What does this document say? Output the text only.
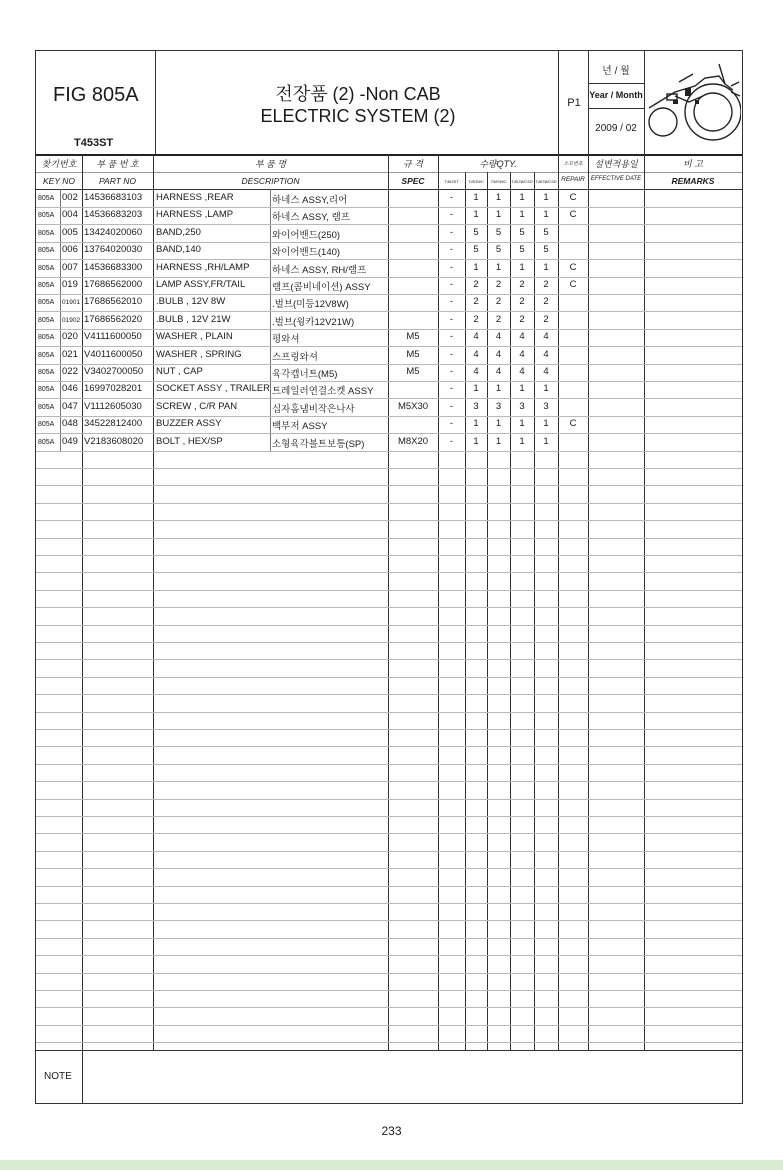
FIG 805A
T453ST
전장품 (2) -Non CAB
ELECTRIC SYSTEM (2)
P1
년 / 월
Year / Month
2009 / 02
찾기번호
KEY NO
부 품 번 호
PART NO
부 품 명
DESCRIPTION
규 격
SPEC
수량QTY.
T453ST	T453WC	T483WC	T453WCSD T483WCSD
소모번호
REPAIR
설변적용일
EFFECTIVE DATE
비 고
REMARKS
805A 002 14536683103	HARNESS ,REAR	하네스 ASSY,리어	-	1	1	1	1	C
805A 004 14536683203	HARNESS ,LAMP	하네스 ASSY, 램프	-	1	1	1	1	C
805A 005 13424020060	BAND,250	와이어밴드(250)	-	5	5	5	5
805A 006 13764020030	BAND,140	와이어밴드(140)	-	5	5	5	5
805A 007 14536683300	HARNESS ,RH/LAMP	하네스 ASSY, RH/램프	-	1	1	1	1	C
805A 019 17686562000	LAMP ASSY,FR/TAIL	램프(콤비네이션) ASSY	-	2	2	2	2	C
805A	01901 17686562010	.BULB , 12V 8W	.벌브(미등12V8W)	-	2	2	2	2
805A	01902 17686562020	.BULB , 12V 21W	.벌브(윙카12V21W)	-	2	2	2	2
805A 020 V4111600050	WASHER , PLAIN	평와셔	M5	-	4	4	4	4
805A 021 V4011600050	WASHER , SPRING	스프링와셔	M5	-	4	4	4	4
805A 022 V3402700050	NUT , CAP	육각캡너트(M5)	M5	-	4	4	4	4
805A 046 16997028201	SOCKET ASSY , TRAILER 트레일러연결소켓 ASSY	-	1	1	1	1
805A 047 V1112605030	SCREW , C/R PAN	십자홈냄비작은나사	M5X30	-	3	3	3	3
805A 048 34522812400	BUZZER ASSY	백부저 ASSY	-	1	1	1	1	C
805A 049 V2183608020	BOLT , HEX/SP	소형육각볼트보통(SP)	M8X20	-	1	1	1	1
NOTE
233
